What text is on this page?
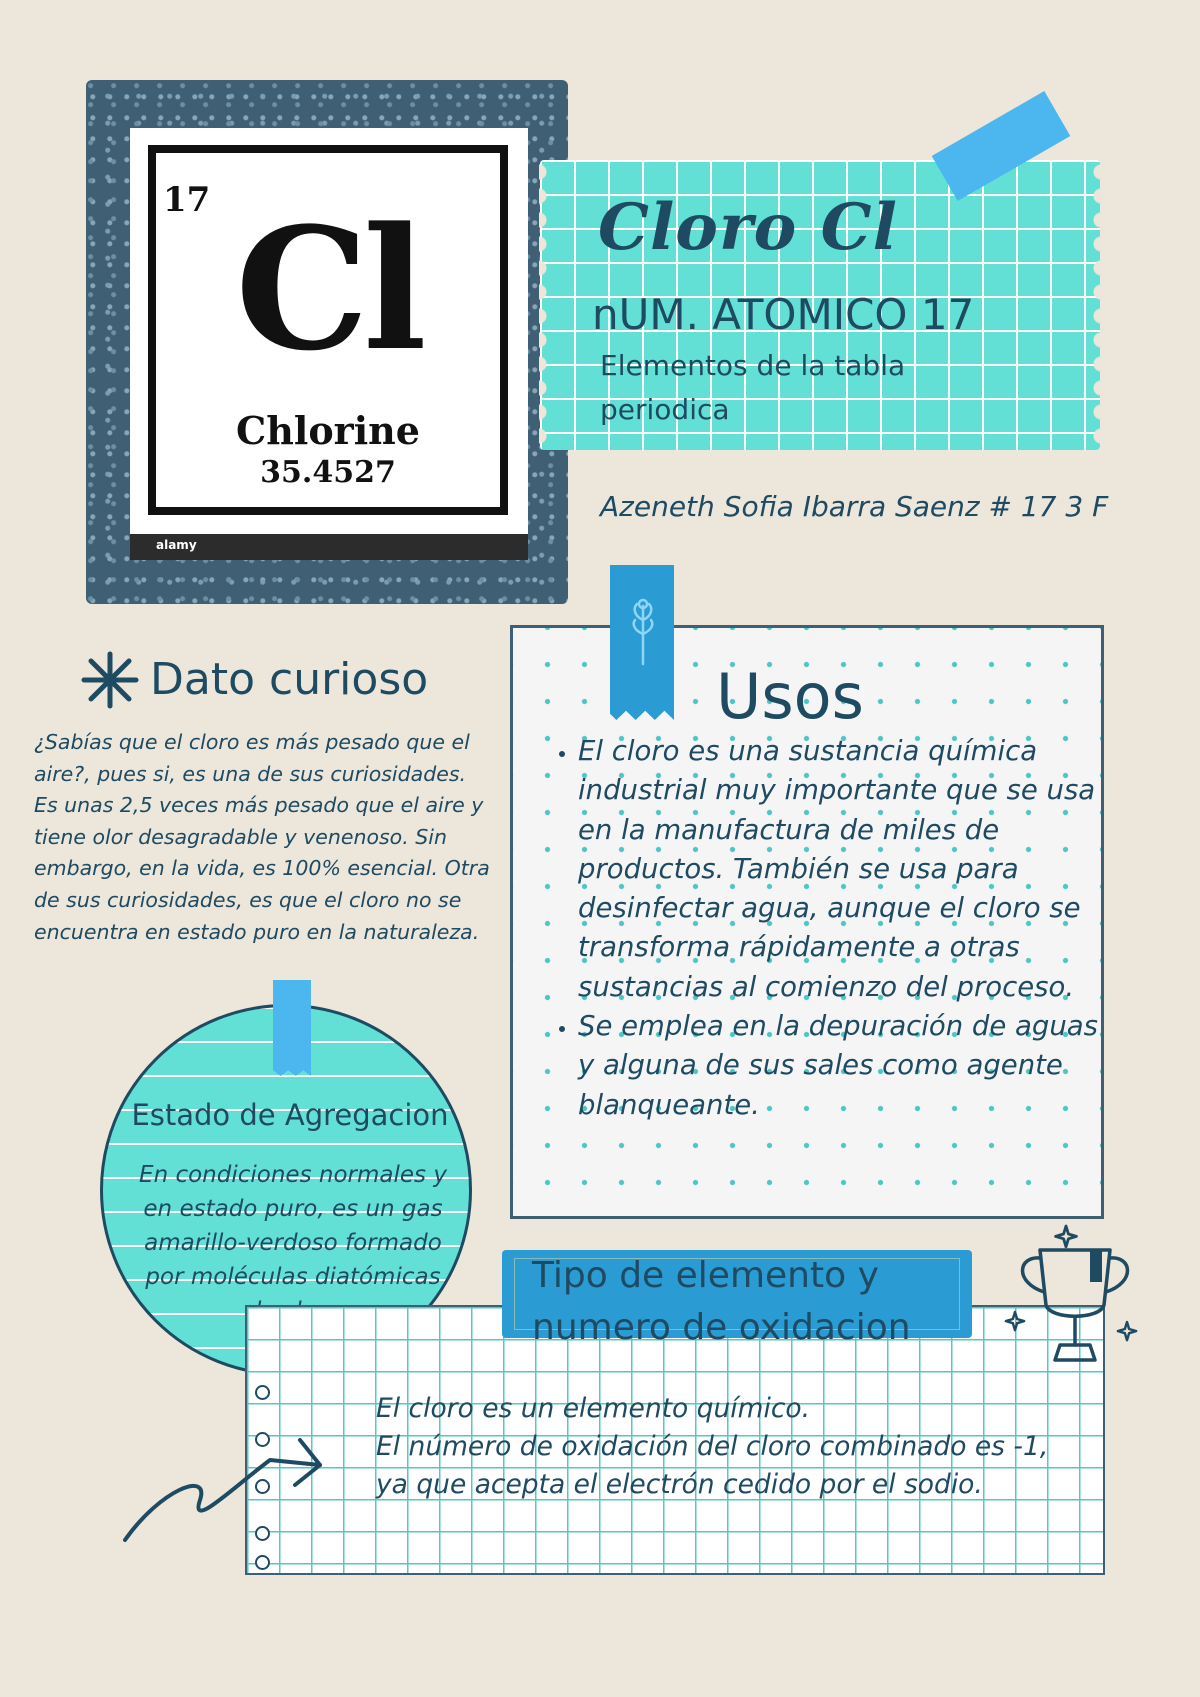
17 Cl
Chlorine
35.4527
alamy
Cloro Cl
nUM. ATOMICO 17
Elementos de la tabla periodica
Azeneth Sofia Ibarra Saenz # 17 3 F
Dato curioso
¿Sabías que el cloro es más pesado que el aire?, pues si, es una de sus curiosidades. Es unas 2,5 veces más pesado que el aire y tiene olor desagradable y venenoso. Sin embargo, en la vida, es 100% esencial. Otra de sus curiosidades, es que el cloro no se encuentra en estado puro en la naturaleza.
Usos
• El cloro es una sustancia química industrial muy importante que se usa en la manufactura de miles de productos. También se usa para desinfectar agua, aunque el cloro se transforma rápidamente a otras sustancias al comienzo del proceso.
• Se emplea en la depuración de aguas y alguna de sus sales como agente blanqueante.
Estado de Agregacion
En condiciones normales y en estado puro, es un gas amarillo-verdoso formado por moléculas diatómicas	Tipo de elemento y numero de oxidacion
El cloro es un elemento químico.
El número de oxidación del cloro combinado es -1, ya que acepta el electrón cedido por el sodio.
